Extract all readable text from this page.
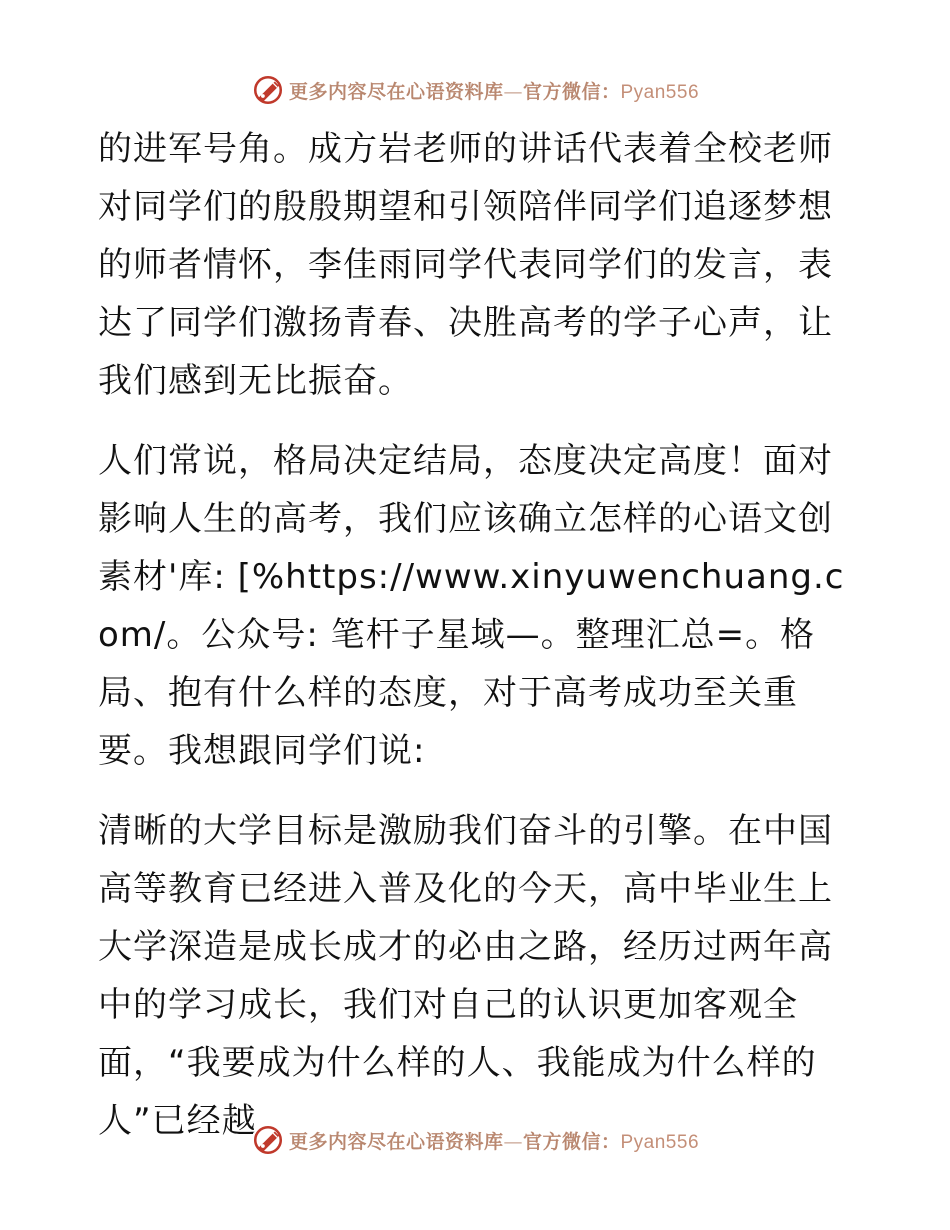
更多内容尽在心语资料库—官方微信：Pyan556

的进军号角。成方岩老师的讲话代表着全校老师对同学们的殷殷期望和引领陪伴同学们追逐梦想的师者情怀，李佳雨同学代表同学们的发言，表达了同学们激扬青春、决胜高考的学子心声，让我们感到无比振奋。

人们常说，格局决定结局，态度决定高度！面对影响人生的高考，我们应该确立怎样的心语文创素材'库: [%https://www.xinyuwenchuang.com/。公众号: 笔杆子星域—。整理汇总=。格局、抱有什么样的态度，对于高考成功至关重要。我想跟同学们说:

清晰的大学目标是激励我们奋斗的引擎。在中国高等教育已经进入普及化的今天，高中毕业生上大学深造是成长成才的必由之路，经历过两年高中的学习成长，我们对自己的认识更加客观全面，“我要成为什么样的人、我能成为什么样的人”已经越

更多内容尽在心语资料库—官方微信：Pyan556
